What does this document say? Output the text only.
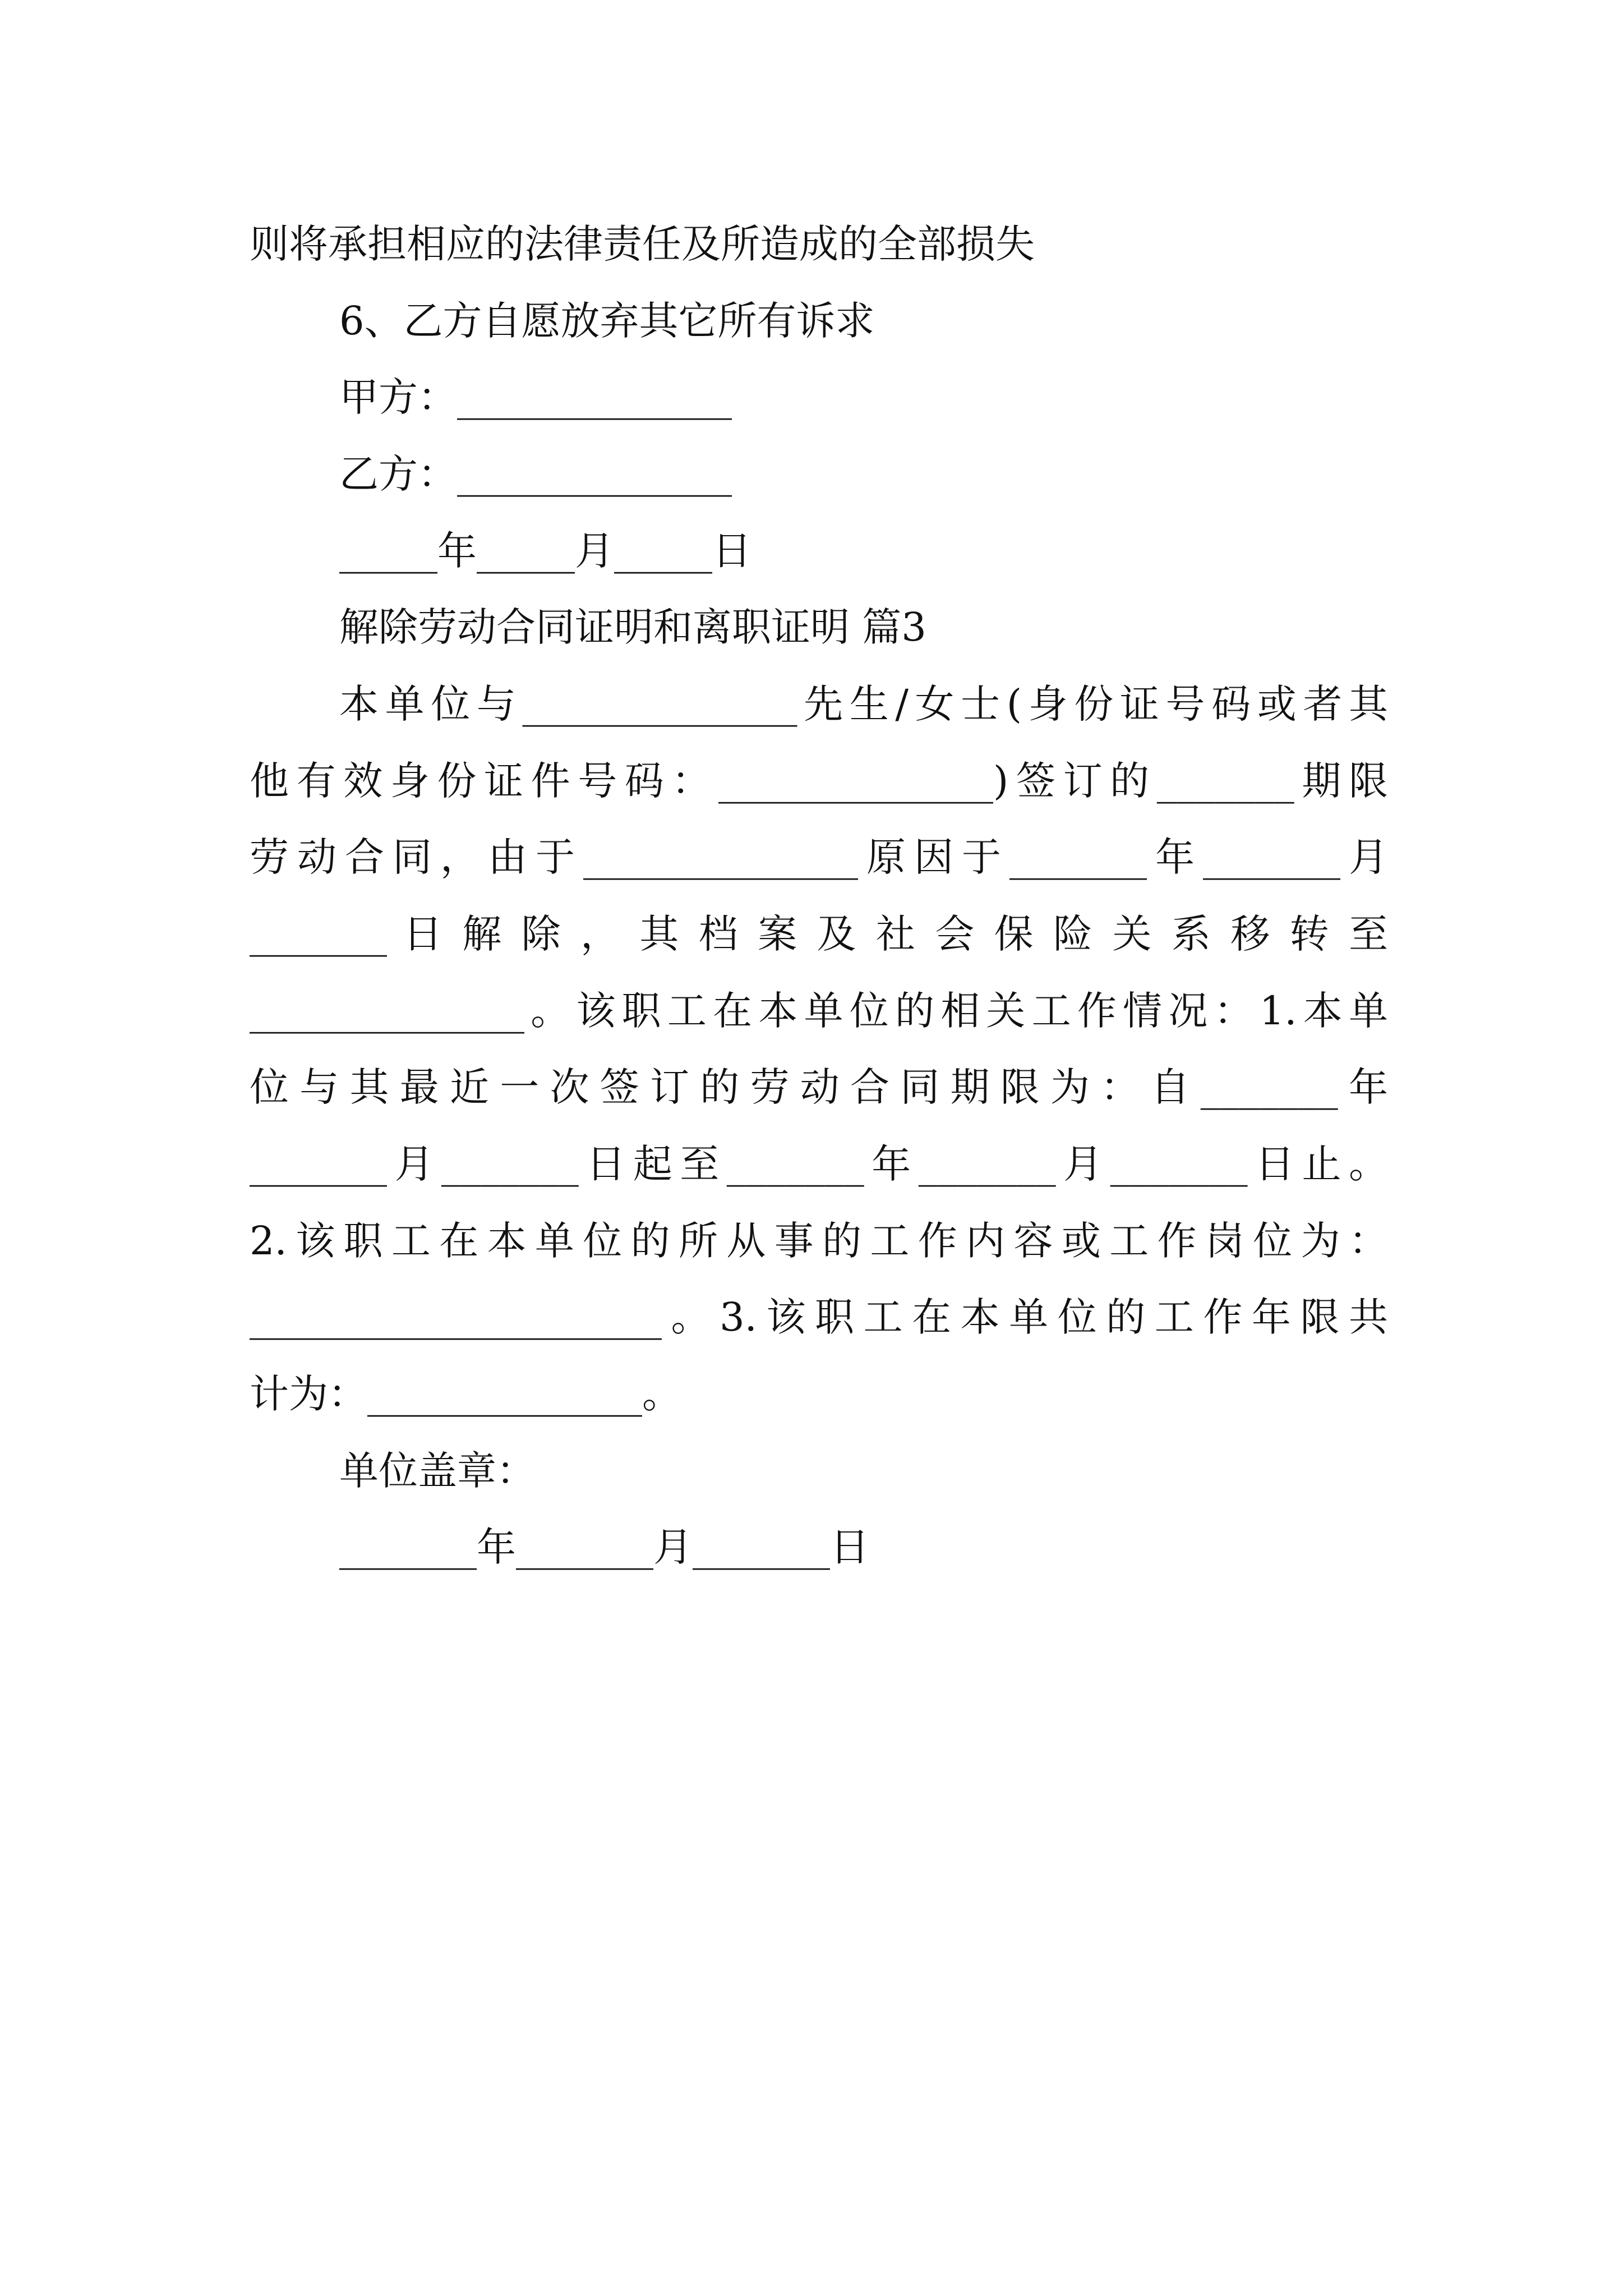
则将承担相应的法律责任及所造成的全部损失
6、乙方自愿放弃其它所有诉求
甲方：______________
乙方：______________
_____年_____月_____日
解除劳动合同证明和离职证明 篇3
本单位与______________先生/女士(身份证号码或者其
他有效身份证件号码：______________)签订的_______期限
劳动合同，由于______________原因于_______年_______月
_______ 日 解 除 ， 其 档 案 及 社 会 保 险 关 系 移 转 至
______________。该职工在本单位的相关工作情况：1.本单
位与其最近一次签订的劳动合同期限为：自_______年
_______月_______日起至_______年_______月_______日止。
2.该职工在本单位的所从事的工作内容或工作岗位为：
_____________________。3.该职工在本单位的工作年限共
计为：______________。
单位盖章：
_______年_______月_______日
